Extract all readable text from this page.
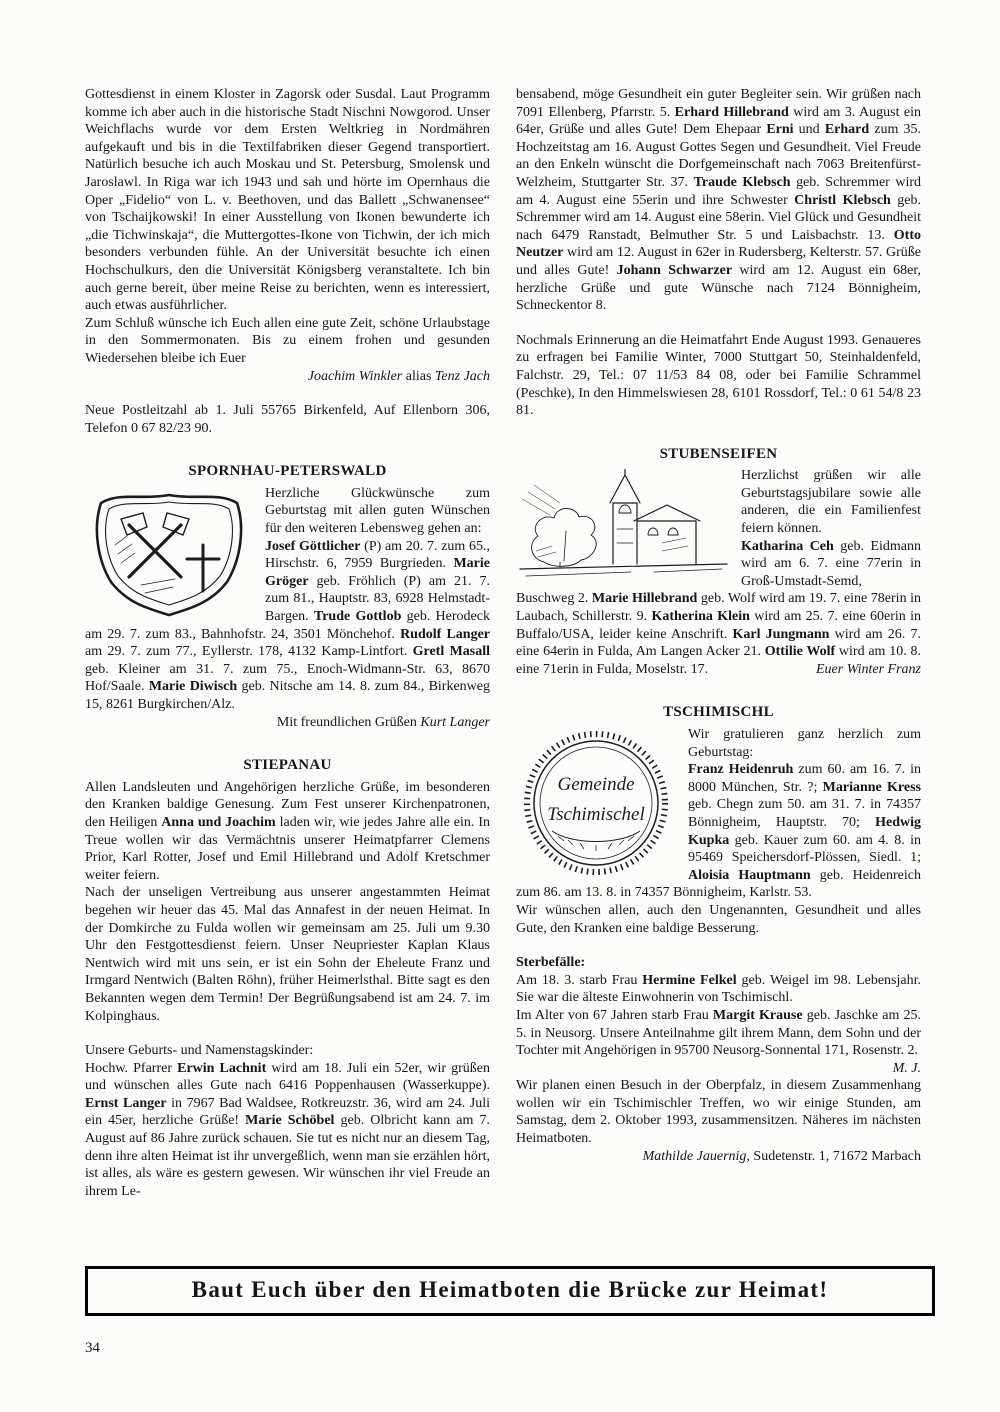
Gottesdienst in einem Kloster in Zagorsk oder Susdal. Laut Programm komme ich aber auch in die historische Stadt Nischni Nowgorod. Unser Weichflachs wurde vor dem Ersten Weltkrieg in Nordmähren aufgekauft und bis in die Textilfabriken dieser Gegend transportiert. Natürlich besuche ich auch Moskau und St. Petersburg, Smolensk und Jaroslawl. In Riga war ich 1943 und sah und hörte im Opernhaus die Oper „Fidelio“ von L. v. Beethoven, und das Ballett „Schwanensee“ von Tschaijkowski! In einer Ausstellung von Ikonen bewunderte ich „die Tichwinskaja“, die Muttergottes-Ikone von Tichwin, der ich mich besonders verbunden fühle. An der Universität besuchte ich einen Hochschulkurs, den die Universität Königsberg veranstaltete. Ich bin auch gerne bereit, über meine Reise zu berichten, wenn es interessiert, auch etwas ausführlicher.

Zum Schluß wünsche ich Euch allen eine gute Zeit, schöne Urlaubstage in den Sommermonaten. Bis zu einem frohen und gesunden Wiedersehen bleibe ich Euer

Joachim Winkler alias Tenz Jach

Neue Postleitzahl ab 1. Juli 55765 Birkenfeld, Auf Ellenborn 306, Telefon 0 67 82/23 90.

SPORNHAU-PETERSWALD

Herzliche Glückwünsche zum Geburtstag mit allen guten Wünschen für den weiteren Lebensweg gehen an:

Josef Göttlicher (P) am 20. 7. zum 65., Hirschstr. 6, 7959 Burgrieden. Marie Gröger geb. Fröhlich (P) am 21. 7. zum 81., Hauptstr. 83, 6928 Helmstadt-Bargen. Trude Gottlob geb. Herodeck am 29. 7. zum 83., Bahnhofstr. 24, 3501 Mönchehof. Rudolf Langer am 29. 7. zum 77., Eyllerstr. 178, 4132 Kamp-Lintfort. Gretl Masall geb. Kleiner am 31. 7. zum 75., Enoch-Widmann-Str. 63, 8670 Hof/Saale. Marie Diwisch geb. Nitsche am 14. 8. zum 84., Birkenweg 15, 8261 Burgkirchen/Alz.

Mit freundlichen Grüßen Kurt Langer

STIEPANAU

Allen Landsleuten und Angehörigen herzliche Grüße, im besonderen den Kranken baldige Genesung. Zum Fest unserer Kirchenpatronen, den Heiligen Anna und Joachim laden wir, wie jedes Jahre alle ein. In Treue wollen wir das Vermächtnis unserer Heimatpfarrer Clemens Prior, Karl Rotter, Josef und Emil Hillebrand und Adolf Kretschmer weiter feiern.

Nach der unseligen Vertreibung aus unserer angestammten Heimat begehen wir heuer das 45. Mal das Annafest in der neuen Heimat. In der Domkirche zu Fulda wollen wir gemeinsam am 25. Juli um 9.30 Uhr den Festgottesdienst feiern. Unser Neupriester Kaplan Klaus Nentwich wird mit uns sein, er ist ein Sohn der Eheleute Franz und Irmgard Nentwich (Balten Röhn), früher Heimerlsthal. Bitte sagt es den Bekannten wegen dem Termin! Der Begrüßungsabend ist am 24. 7. im Kolpinghaus.

Unsere Geburts- und Namenstagskinder:

Hochw. Pfarrer Erwin Lachnit wird am 18. Juli ein 52er, wir grüßen und wünschen alles Gute nach 6416 Poppenhausen (Wasserkuppe). Ernst Langer in 7967 Bad Waldsee, Rotkreuzstr. 36, wird am 24. Juli ein 45er, herzliche Grüße! Marie Schöbel geb. Olbricht kann am 7. August auf 86 Jahre zurück schauen. Sie tut es nicht nur an diesem Tag, denn ihre alten Heimat ist ihr unvergeßlich, wenn man sie erzählen hört, ist alles, als wäre es gestern gewesen. Wir wünschen ihr viel Freude an ihrem Le-

bensabend, möge Gesundheit ein guter Begleiter sein. Wir grüßen nach 7091 Ellenberg, Pfarrstr. 5. Erhard Hillebrand wird am 3. August ein 64er, Grüße und alles Gute! Dem Ehepaar Erni und Erhard zum 35. Hochzeitstag am 16. August Gottes Segen und Gesundheit. Viel Freude an den Enkeln wünscht die Dorfgemeinschaft nach 7063 Breitenfürst-Welzheim, Stuttgarter Str. 37. Traude Klebsch geb. Schremmer wird am 4. August eine 55erin und ihre Schwester Christl Klebsch geb. Schremmer wird am 14. August eine 58erin. Viel Glück und Gesundheit nach 6479 Ranstadt, Belmuther Str. 5 und Laisbachstr. 13. Otto Neutzer wird am 12. August in 62er in Rudersberg, Kelterstr. 57. Grüße und alles Gute! Johann Schwarzer wird am 12. August ein 68er, herzliche Grüße und gute Wünsche nach 7124 Bönnigheim, Schneckentor 8.

Nochmals Erinnerung an die Heimatfahrt Ende August 1993. Genaueres zu erfragen bei Familie Winter, 7000 Stuttgart 50, Steinhaldenfeld, Falchstr. 29, Tel.: 07 11/53 84 08, oder bei Familie Schrammel (Peschke), In den Himmelswiesen 28, 6101 Rossdorf, Tel.: 0 61 54/8 23 81.

STUBENSEIFEN

Herzlichst grüßen wir alle Geburtstagsjubilare sowie alle anderen, die ein Familienfest feiern können.

Katharina Ceh geb. Eidmann wird am 6. 7. eine 77erin in Groß-Umstadt-Semd, Buschweg 2. Marie Hillebrand geb. Wolf wird am 19. 7. eine 78erin in Laubach, Schillerstr. 9. Katherina Klein wird am 25. 7. eine 60erin in Buffalo/USA, leider keine Anschrift. Karl Jungmann wird am 26. 7. eine 64erin in Fulda, Am Langen Acker 21. Ottilie Wolf wird am 10. 8. eine 71erin in Fulda, Moselstr. 17.	Euer Winter Franz

TSCHIMISCHL
Gemeinde
Tschimischel

Wir gratulieren ganz herzlich zum Geburtstag:

Franz Heidenruh zum 60. am 16. 7. in 8000 München, Str. ?; Marianne Kress geb. Chegn zum 50. am 31. 7. in 74357 Bönnigheim, Hauptstr. 70; Hedwig Kupka geb. Kauer zum 60. am 4. 8. in 95469 Speichersdorf-Plössen, Siedl. 1; Aloisia Hauptmann geb. Heidenreich zum 86. am 13. 8. in 74357 Bönnigheim, Karlstr. 53.

Wir wünschen allen, auch den Ungenannten, Gesundheit und alles Gute, den Kranken eine baldige Besserung.

Sterbefälle:

Am 18. 3. starb Frau Hermine Felkel geb. Weigel im 98. Lebensjahr. Sie war die älteste Einwohnerin von Tschimischl.

Im Alter von 67 Jahren starb Frau Margit Krause geb. Jaschke am 25. 5. in Neusorg. Unsere Anteilnahme gilt ihrem Mann, dem Sohn und der Tochter mit Angehörigen in 95700 Neusorg-Sonnental 171, Rosenstr. 2.
M. J.

Wir planen einen Besuch in der Oberpfalz, in diesem Zusammenhang wollen wir ein Tschimischler Treffen, wo wir einige Stunden, am Samstag, dem 2. Oktober 1993, zusammensitzen. Näheres im nächsten Heimatboten.

Mathilde Jauernig, Sudetenstr. 1, 71672 Marbach

Baut Euch über den Heimatboten die Brücke zur Heimat!
34
